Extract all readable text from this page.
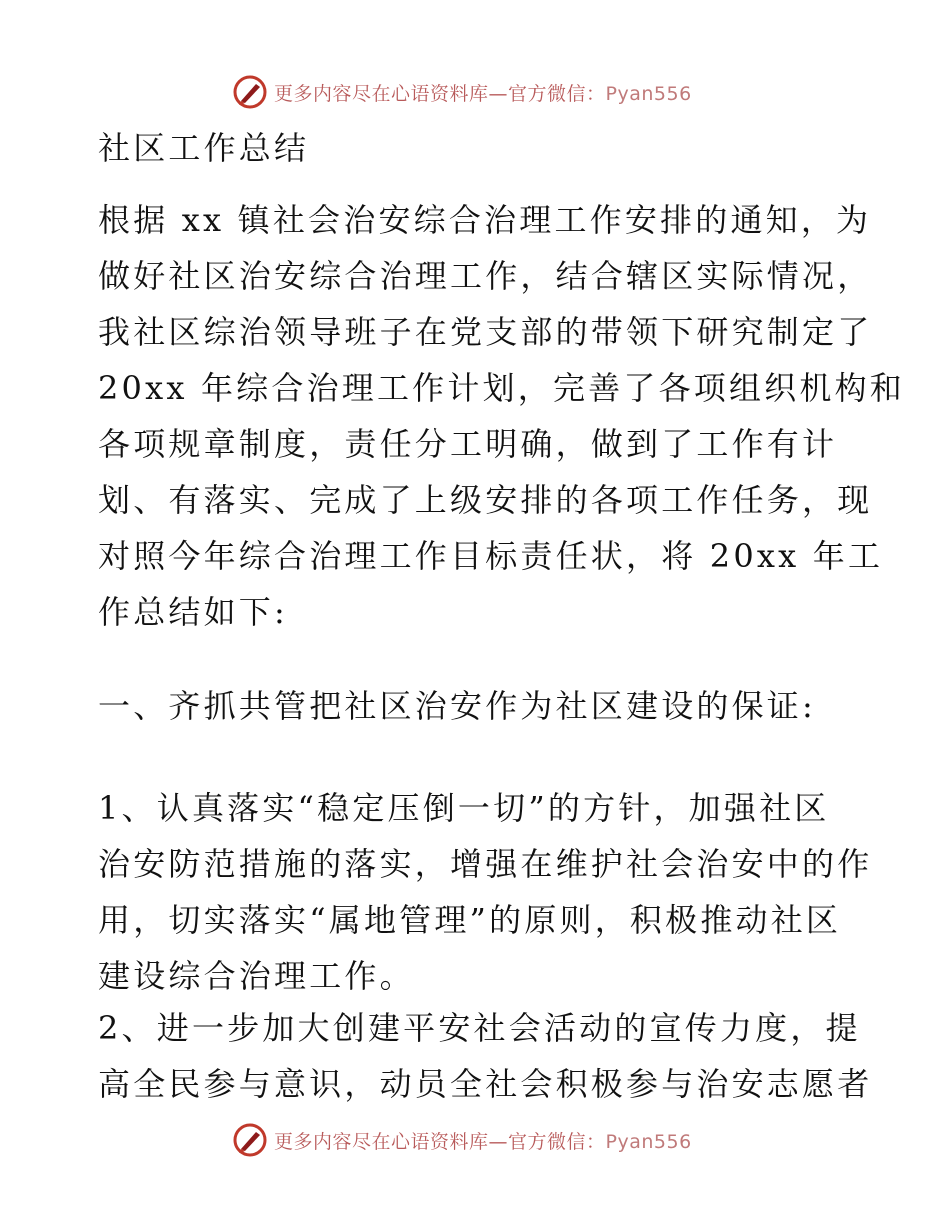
更多内容尽在心语资料库—官方微信：Pyan556

社区工作总结

根据 xx 镇社会治安综合治理工作安排的通知，为
做好社区治安综合治理工作，结合辖区实际情况，
我社区综治领导班子在党支部的带领下研究制定了
20xx 年综合治理工作计划，完善了各项组织机构和
各项规章制度，责任分工明确，做到了工作有计
划、有落实、完成了上级安排的各项工作任务，现
对照今年综合治理工作目标责任状，将 20xx 年工
作总结如下:

一、齐抓共管把社区治安作为社区建设的保证:

1、认真落实“稳定压倒一切”的方针，加强社区
治安防范措施的落实，增强在维护社会治安中的作
用，切实落实“属地管理”的原则，积极推动社区
建设综合治理工作。

2、进一步加大创建平安社会活动的宣传力度，提
高全民参与意识，动员全社会积极参与治安志愿者

更多内容尽在心语资料库—官方微信：Pyan556
